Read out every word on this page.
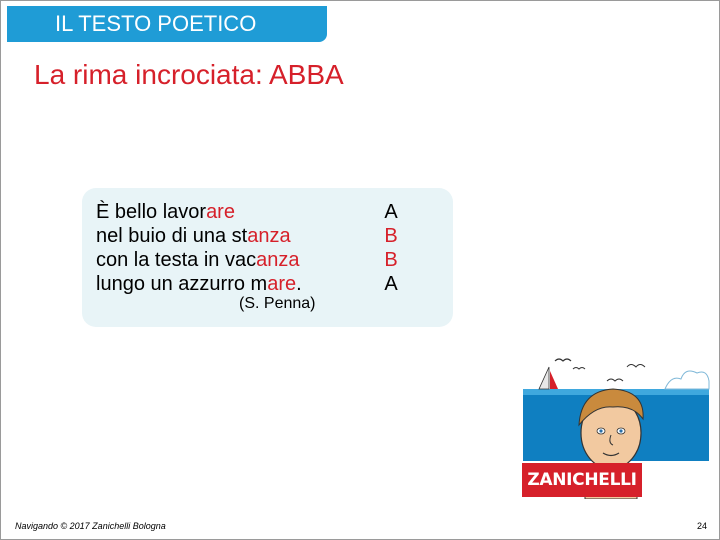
IL TESTO POETICO
La rima incrociata: ABBA
È bello lavorare
nel buio di una stanza
con la testa in vacanza
lungo un azzurro mare.
(S. Penna)
A
B
B
A
ZANICHELLI
Navigando © 2017 Zanichelli Bologna	24
